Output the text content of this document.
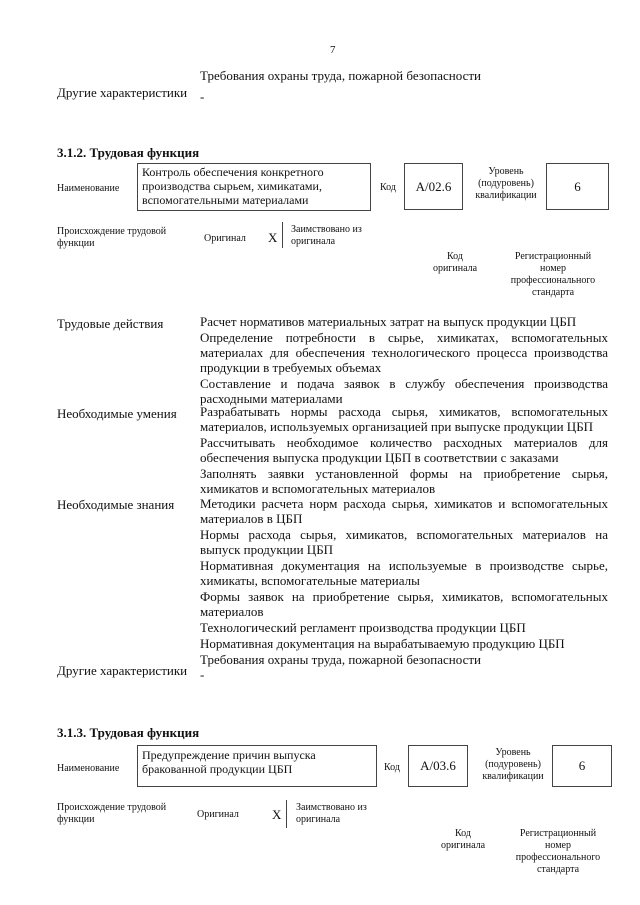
7
Требования охраны труда, пожарной безопасности
Другие характеристики -
3.1.2. Трудовая функция
Наименование
Контроль обеспечения конкретного производства сырьем, химикатами, вспомогательными материалами
Код	A/02.6
Уровень (подуровень) квалификации
6
Происхождение трудовой функции	Оригинал X
Заимствовано из оригинала
Код оригинала
Регистрационный номер профессионального стандарта
Трудовые действия	Расчет нормативов материальных затрат на выпуск продукции ЦБП
Определение потребности в сырье, химикатах, вспомогательных материалах для обеспечения технологического процесса производства продукции в требуемых объемах
Составление и подача заявок в службу обеспечения производства расходными материалами
Необходимые умения Разрабатывать нормы расхода сырья, химикатов, вспомогательных материалов, используемых организацией при выпуске продукции ЦБП
Рассчитывать необходимое количество расходных материалов для обеспечения выпуска продукции ЦБП в соответствии с заказами
Заполнять заявки установленной формы на приобретение сырья, химикатов и вспомогательных материалов
Необходимые знания Методики расчета норм расхода сырья, химикатов и вспомогательных материалов в ЦБП
Нормы расхода сырья, химикатов, вспомогательных материалов на выпуск продукции ЦБП
Нормативная документация на используемые в производстве сырье, химикаты, вспомогательные материалы
Формы заявок на приобретение сырья, химикатов, вспомогательных материалов
Технологический регламент производства продукции ЦБП
Нормативная документация на вырабатываемую продукцию ЦБП
Требования охраны труда, пожарной безопасности
Другие характеристики -
3.1.3. Трудовая функция
Наименование
Предупреждение причин выпуска бракованной продукции ЦБП	Код	A/03.6
Уровень (подуровень) квалификации
6
Происхождение трудовой функции	Оригинал	X Заимствовано из оригинала
Код оригинала
Регистрационный номер профессионального стандарта
